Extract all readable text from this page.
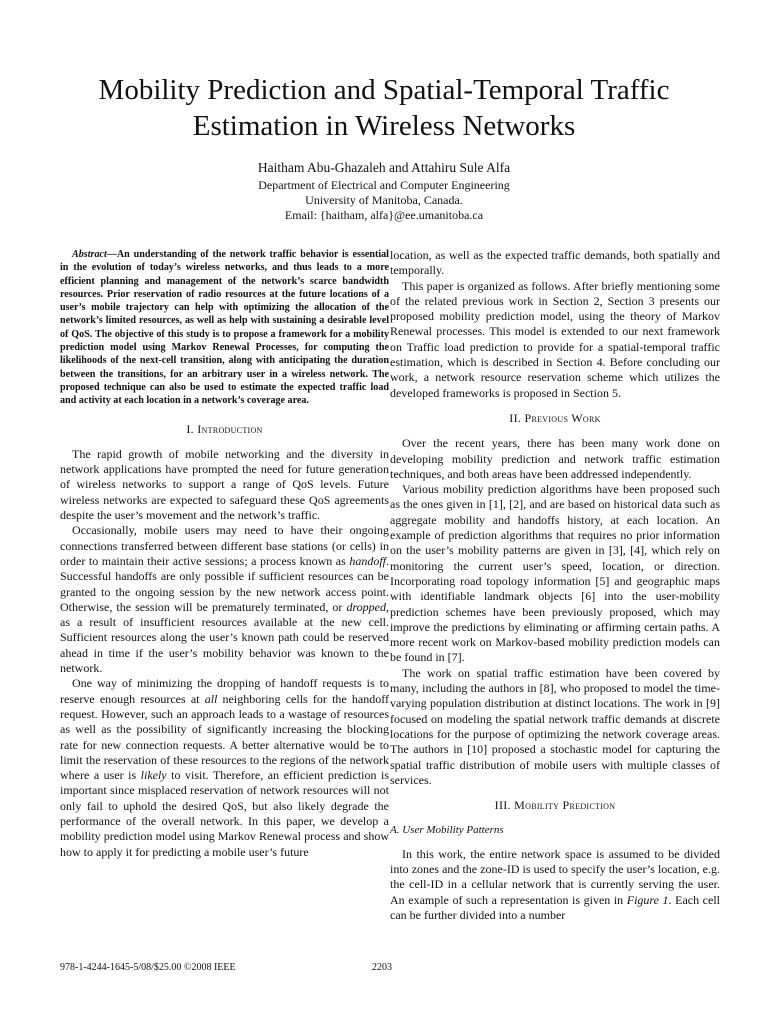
Mobility Prediction and Spatial-Temporal Traffic
Estimation in Wireless Networks
Haitham Abu-Ghazaleh and Attahiru Sule Alfa
Department of Electrical and Computer Engineering
University of Manitoba, Canada.
Email: {haitham, alfa}@ee.umanitoba.ca

Abstract—An understanding of the network traffic behavior is essential in the evolution of today’s wireless networks, and thus leads to a more efficient planning and management of the network’s scarce bandwidth resources. Prior reservation of radio resources at the future locations of a user’s mobile trajectory can help with optimizing the allocation of the network’s limited resources, as well as help with sustaining a desirable level of QoS. The objective of this study is to propose a framework for a mobility prediction model using Markov Renewal Processes, for computing the likelihoods of the next-cell transition, along with anticipating the duration between the transitions, for an arbitrary user in a wireless network. The proposed technique can also be used to estimate the expected traffic load and activity at each location in a network’s coverage area.

I. Introduction

The rapid growth of mobile networking and the diversity in network applications have prompted the need for future generation of wireless networks to support a range of QoS levels. Future wireless networks are expected to safeguard these QoS agreements despite the user’s movement and the network’s traffic.

Occasionally, mobile users may need to have their ongoing connections transferred between different base stations (or cells) in order to maintain their active sessions; a process known as handoff. Successful handoffs are only possible if sufficient resources can be granted to the ongoing session by the new network access point. Otherwise, the session will be prematurely terminated, or dropped, as a result of insufficient resources available at the new cell. Sufficient resources along the user’s known path could be reserved ahead in time if the user’s mobility behavior was known to the network.

One way of minimizing the dropping of handoff requests is to reserve enough resources at all neighboring cells for the handoff request. However, such an approach leads to a wastage of resources as well as the possibility of significantly increasing the blocking rate for new connection requests. A better alternative would be to limit the reservation of these resources to the regions of the network where a user is likely to visit. Therefore, an efficient prediction is important since misplaced reservation of network resources will not only fail to uphold the desired QoS, but also likely degrade the performance of the overall network. In this paper, we develop a mobility prediction model using Markov Renewal process and show how to apply it for predicting a mobile user’s future

location, as well as the expected traffic demands, both spatially and temporally.

This paper is organized as follows. After briefly mentioning some of the related previous work in Section 2, Section 3 presents our proposed mobility prediction model, using the theory of Markov Renewal processes. This model is extended to our next framework on Traffic load prediction to provide for a spatial-temporal traffic estimation, which is described in Section 4. Before concluding our work, a network resource reservation scheme which utilizes the developed frameworks is proposed in Section 5.

II. Previous Work

Over the recent years, there has been many work done on developing mobility prediction and network traffic estimation techniques, and both areas have been addressed independently.

Various mobility prediction algorithms have been proposed such as the ones given in [1], [2], and are based on historical data such as aggregate mobility and handoffs history, at each location. An example of prediction algorithms that requires no prior information on the user’s mobility patterns are given in [3], [4], which rely on monitoring the current user’s speed, location, or direction. Incorporating road topology information [5] and geographic maps with identifiable landmark objects [6] into the user-mobility prediction schemes have been previously proposed, which may improve the predictions by eliminating or affirming certain paths. A more recent work on Markov-based mobility prediction models can be found in [7].

The work on spatial traffic estimation have been covered by many, including the authors in [8], who proposed to model the time-varying population distribution at distinct locations. The work in [9] focused on modeling the spatial network traffic demands at discrete locations for the purpose of optimizing the network coverage areas. The authors in [10] proposed a stochastic model for capturing the spatial traffic distribution of mobile users with multiple classes of services.

III. Mobility Prediction
A. User Mobility Patterns

In this work, the entire network space is assumed to be divided into zones and the zone-ID is used to specify the user’s location, e.g. the cell-ID in a cellular network that is currently serving the user. An example of such a representation is given in Figure 1. Each cell can be further divided into a number

978-1-4244-1645-5/08/$25.00 ©2008 IEEE	2203
